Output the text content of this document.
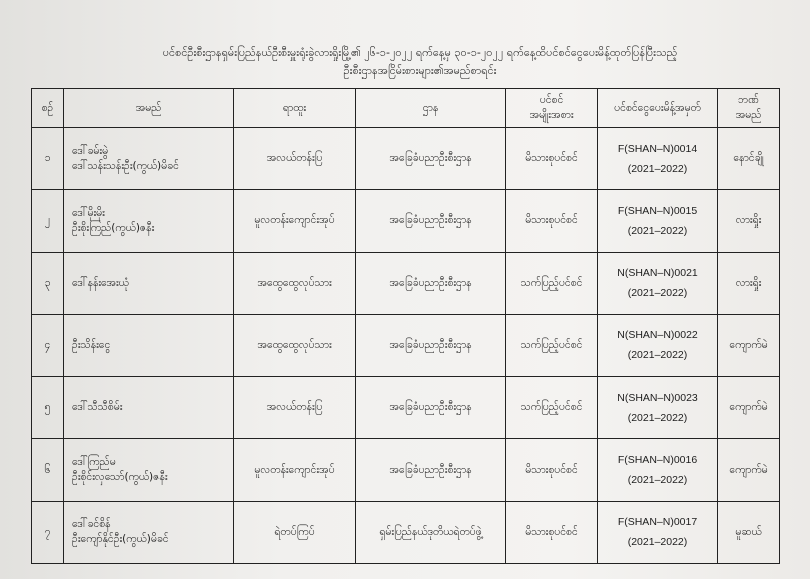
ပင်စင်ဦးစီးဌာနရှမ်းပြည်နယ်ဦးစီးမှူးရုံးခွဲလားရှိုးမြို့၏ ၂၆-၁-၂၀၂၂ ရက်နေ့မှ ၃၀-၁-၂၀၂၂ ရက်နေ့ထိပင်စင်ငွေပေးမိန့်ထုတ်ပြန်ပြီးသည့်
ဦးစီးဌာနအငြိမ်းစားများ၏အမည်စာရင်း
စဉ်	အမည်	ရာထူး	ဌာန	ပင်စင်
အမျိုးအစား	ပင်စင်ငွေပေးမိန့်အမှတ်	ဘဏ်
အမည်

၁	ဒေါ်ခမ်းမွဲ
ဒေါ်သန်းသန်းဦး(ကွယ်)မိခင်	အလယ်တန်းပြ	အခြေခံပညာဦးစီးဌာန	မိသားစုပင်စင်	F(SHAN–N)0014
(2021–2022)	နောင်ချို
၂	ဒေါ်မိုးမိုး
ဦးစိုးကြည်(ကွယ်)ဇနီး	မူလတန်းကျောင်းအုပ်	အခြေခံပညာဦးစီးဌာန	မိသားစုပင်စင်	F(SHAN–N)0015
(2021–2022)	လားရှိုး
၃	ဒေါ်နန်းအေးယုံ	အထွေထွေလုပ်သား	အခြေခံပညာဦးစီးဌာန	သက်ပြည့်ပင်စင်	N(SHAN–N)0021
(2021–2022)	လားရှိုး
၄	ဦးသိန်းငွေ	အထွေထွေလုပ်သား	အခြေခံပညာဦးစီးဌာန	သက်ပြည့်ပင်စင်	N(SHAN–N)0022
(2021–2022)	ကျောက်မဲ
၅	ဒေါ်သီသီစိမ်း	အလယ်တန်းပြ	အခြေခံပညာဦးစီးဌာန	သက်ပြည့်ပင်စင်	N(SHAN–N)0023
(2021–2022)	ကျောက်မဲ
၆	ဒေါ်ကြည်မ
ဦးစိုင်းလှသော်(ကွယ်)ဇနီး	မူလတန်းကျောင်းအုပ်	အခြေခံပညာဦးစီးဌာန	မိသားစုပင်စင်	F(SHAN–N)0016
(2021–2022)	ကျောက်မဲ
၇	ဒေါ်ခင်စိန်
ဦးကျော်နိုင်ဦး(ကွယ်)မိခင်	ရဲတပ်ကြပ်	ရှမ်းပြည်နယ်ဒုတိယရဲတပ်ဖွဲ့	မိသားစုပင်စင်	F(SHAN–N)0017
(2021–2022)	မူဆယ်
